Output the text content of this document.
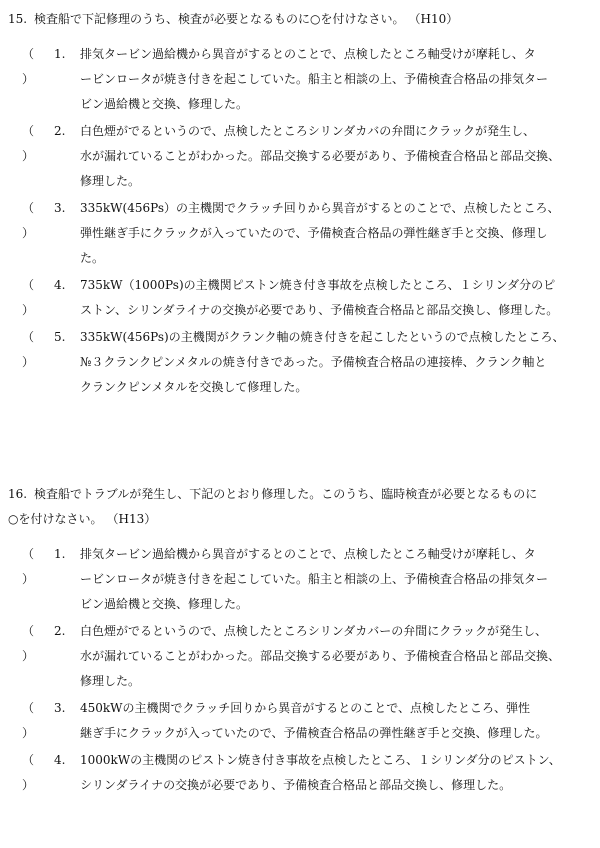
15. 検査船で下記修理のうち、検査が必要となるものに○を付けなさい。 （H10）
（ ）
1.	排気タービン過給機から異音がするとのことで、点検したところ軸受けが摩耗し、タ
ービンロータが焼き付きを起こしていた。船主と相談の上、予備検査合格品の排気ター
ビン過給機と交換、修理した。
（ ）
2.	白色煙がでるというので、点検したところシリンダカバの弁間にクラックが発生し、
水が漏れていることがわかった。部品交換する必要があり、予備検査合格品と部品交換、
修理した。
（ ）
3.	335kW(456Ps）の主機関でクラッチ回りから異音がするとのことで、点検したところ、
弾性継ぎ手にクラックが入っていたので、予備検査合格品の弾性継ぎ手と交換、修理し
た。
（ ）
4.	735kW（1000Ps)の主機関ピストン焼き付き事故を点検したところ、１シリンダ分のピ
ストン、シリンダライナの交換が必要であり、予備検査合格品と部品交換し、修理した。
（ ）
5.	335kW(456Ps)の主機関がクランク軸の焼き付きを起こしたというので点検したところ、
№３クランクピンメタルの焼き付きであった。予備検査合格品の連接棒、クランク軸と
クランクピンメタルを交換して修理した。
16. 検査船でトラブルが発生し、下記のとおり修理した。このうち、臨時検査が必要となるものに
○を付けなさい。 （H13）
（ ）
1.	排気タービン過給機から異音がするとのことで、点検したところ軸受けが摩耗し、タ
ービンロータが焼き付きを起こしていた。船主と相談の上、予備検査合格品の排気ター
ビン過給機と交換、修理した。
（ ）
2.	白色煙がでるというので、点検したところシリンダカバーの弁間にクラックが発生し、
水が漏れていることがわかった。部品交換する必要があり、予備検査合格品と部品交換、
修理した。
（ ）
3.	450kWの主機関でクラッチ回りから異音がするとのことで、点検したところ、弾性
継ぎ手にクラックが入っていたので、予備検査合格品の弾性継ぎ手と交換、修理した。
（ ）
4.	1000kWの主機関のピストン焼き付き事故を点検したところ、１シリンダ分のピストン、
シリンダライナの交換が必要であり、予備検査合格品と部品交換し、修理した。
